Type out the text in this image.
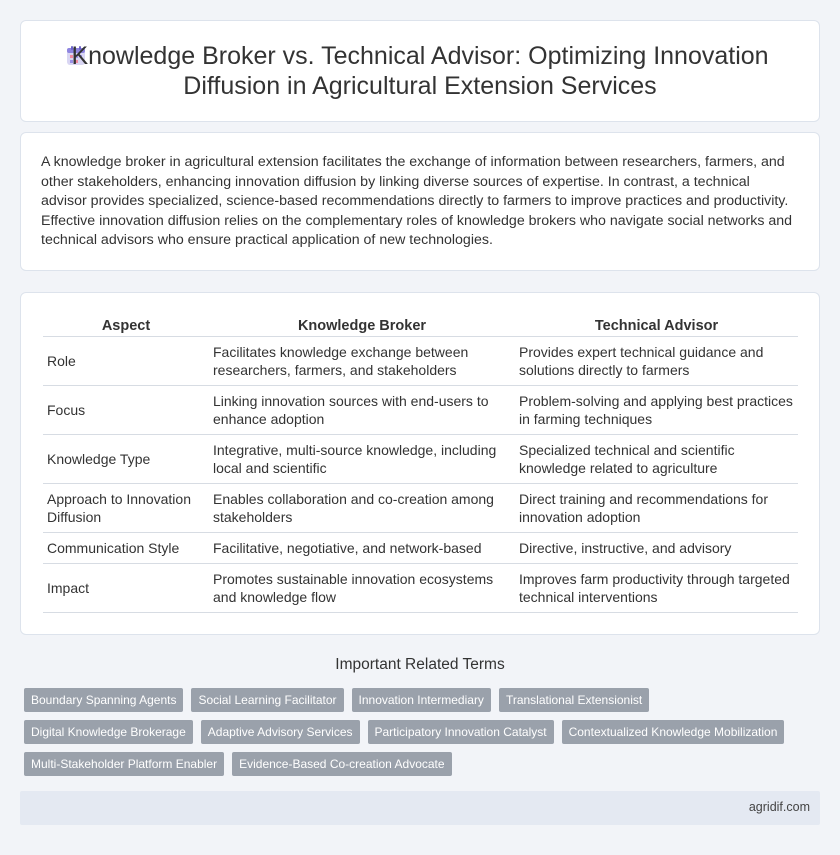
Knowledge Broker vs. Technical Advisor: Optimizing Innovation Diffusion in Agricultural Extension Services

A knowledge broker in agricultural extension facilitates the exchange of information between researchers, farmers, and other stakeholders, enhancing innovation diffusion by linking diverse sources of expertise. In contrast, a technical advisor provides specialized, science-based recommendations directly to farmers to improve practices and productivity. Effective innovation diffusion relies on the complementary roles of knowledge brokers who navigate social networks and technical advisors who ensure practical application of new technologies.

Aspect	Knowledge Broker	Technical Advisor
Role	Facilitates knowledge exchange between researchers, farmers, and stakeholders	Provides expert technical guidance and solutions directly to farmers
Focus	Linking innovation sources with end-users to enhance adoption	Problem-solving and applying best practices in farming techniques
Knowledge Type	Integrative, multi-source knowledge, including local and scientific	Specialized technical and scientific knowledge related to agriculture
Approach to Innovation Diffusion	Enables collaboration and co-creation among stakeholders	Direct training and recommendations for innovation adoption
Communication Style	Facilitative, negotiative, and network-based	Directive, instructive, and advisory
Impact	Promotes sustainable innovation ecosystems and knowledge flow	Improves farm productivity through targeted technical interventions
Important Related Terms
Boundary Spanning Agents	Social Learning Facilitator	Innovation Intermediary	Translational Extensionist
Digital Knowledge Brokerage	Adaptive Advisory Services	Participatory Innovation Catalyst	Contextualized Knowledge Mobilization
Multi-Stakeholder Platform Enabler	Evidence-Based Co-creation Advocate
agridif.com
